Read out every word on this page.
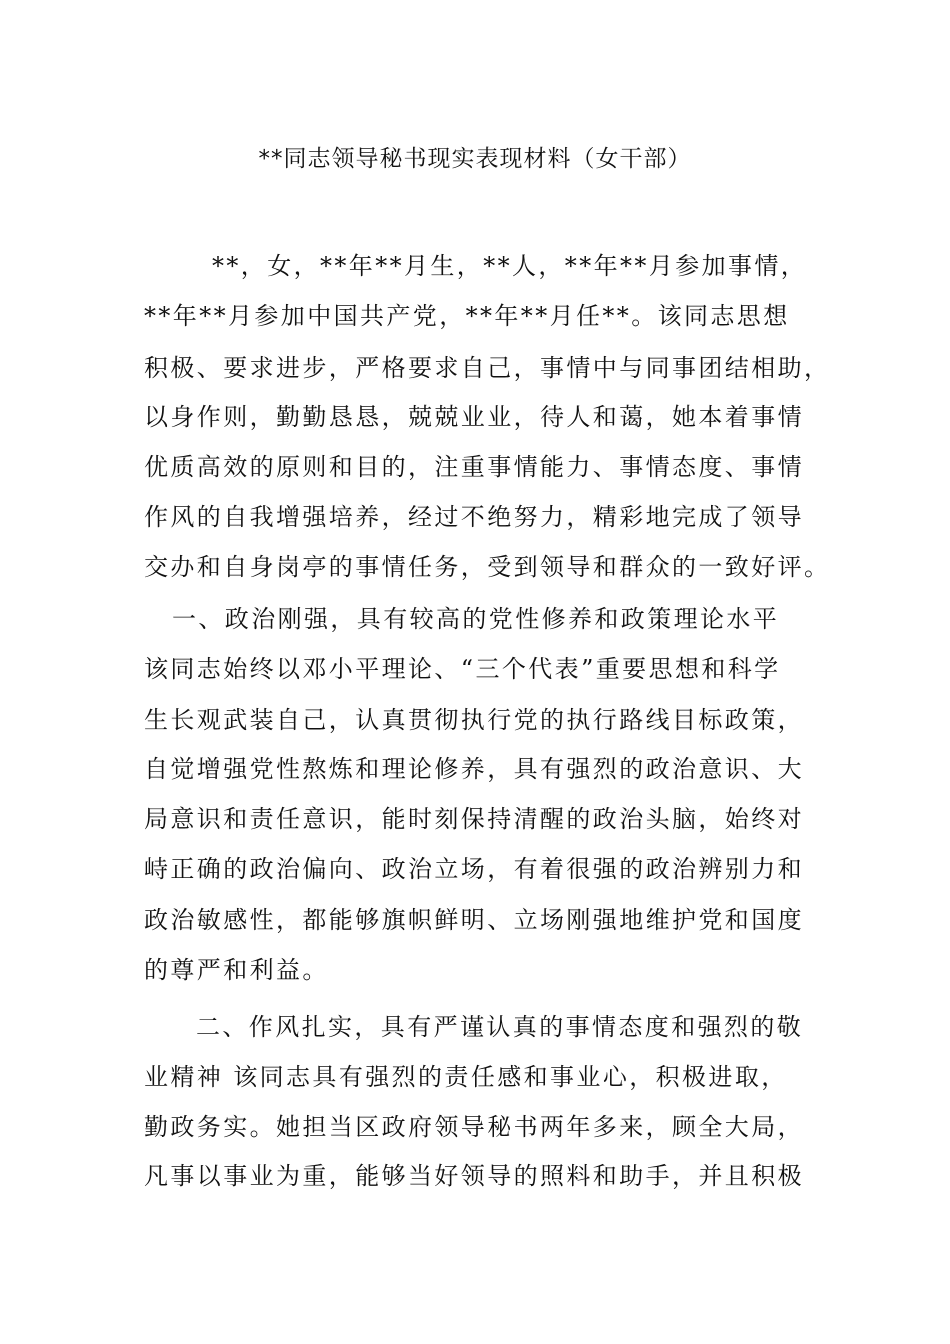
**同志领导秘书现实表现材料（女干部）

**，女，**年**月生，**人，**年**月参加事情，

**年**月参加中国共产党，**年**月任**。该同志思想

积极、要求进步，严格要求自己，事情中与同事团结相助，

以身作则，勤勤恳恳，兢兢业业，待人和蔼，她本着事情

优质高效的原则和目的，注重事情能力、事情态度、事情

作风的自我增强培养，经过不绝努力，精彩地完成了领导

交办和自身岗亭的事情任务，受到领导和群众的一致好评。

一、政治刚强，具有较高的党性修养和政策理论水平

该同志始终以邓小平理论、“三个代表”重要思想和科学

生长观武装自己，认真贯彻执行党的执行路线目标政策，

自觉增强党性熬炼和理论修养，具有强烈的政治意识、大

局意识和责任意识，能时刻保持清醒的政治头脑，始终对

峙正确的政治偏向、政治立场，有着很强的政治辨别力和

政治敏感性，都能够旗帜鲜明、立场刚强地维护党和国度

的尊严和利益。

二、作风扎实，具有严谨认真的事情态度和强烈的敬

业精神 该同志具有强烈的责任感和事业心，积极进取，

勤政务实。她担当区政府领导秘书两年多来，顾全大局，

凡事以事业为重，能够当好领导的照料和助手，并且积极
